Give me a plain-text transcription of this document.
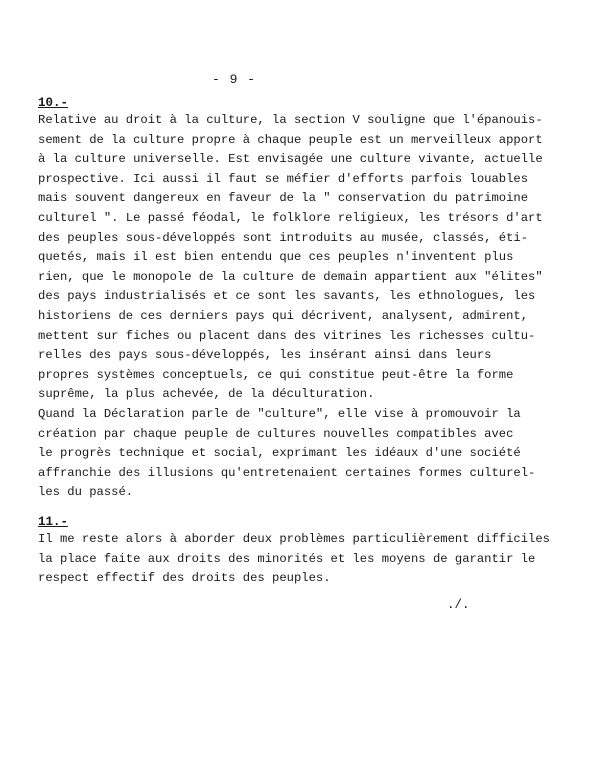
- 9 -
10.-
Relative au droit à la culture, la section V souligne que l'épanouis-
sement de la culture propre à chaque peuple est un merveilleux apport
à la culture universelle. Est envisagée une culture vivante, actuelle
prospective. Ici aussi il faut se méfier d'efforts parfois louables
mais souvent dangereux en faveur de la " conservation du patrimoine
culturel ". Le passé féodal, le folklore religieux, les trésors d'art
des peuples sous-développés sont introduits au musée, classés, éti-
quetés, mais il est bien entendu que ces peuples n'inventent plus
rien, que le monopole de la culture de demain appartient aux "élites"
des pays industrialisés et ce sont les savants, les ethnologues, les
historiens de ces derniers pays qui décrivent, analysent, admirent,
mettent sur fiches ou placent dans des vitrines les richesses cultu-
relles des pays sous-développés, les insérant ainsi dans leurs
propres systèmes conceptuels, ce qui constitue peut-être la forme
suprême, la plus achevée, de la déculturation.
Quand la Déclaration parle de "culture", elle vise à promouvoir la
création par chaque peuple de cultures nouvelles compatibles avec
le progrès technique et social, exprimant les idéaux d'une société
affranchie des illusions qu'entretenaient certaines formes culturel-
les du passé.
11.-
Il me reste alors à aborder deux problèmes particulièrement difficiles
la place faite aux droits des minorités et les moyens de garantir le
respect effectif des droits des peuples.
./.
